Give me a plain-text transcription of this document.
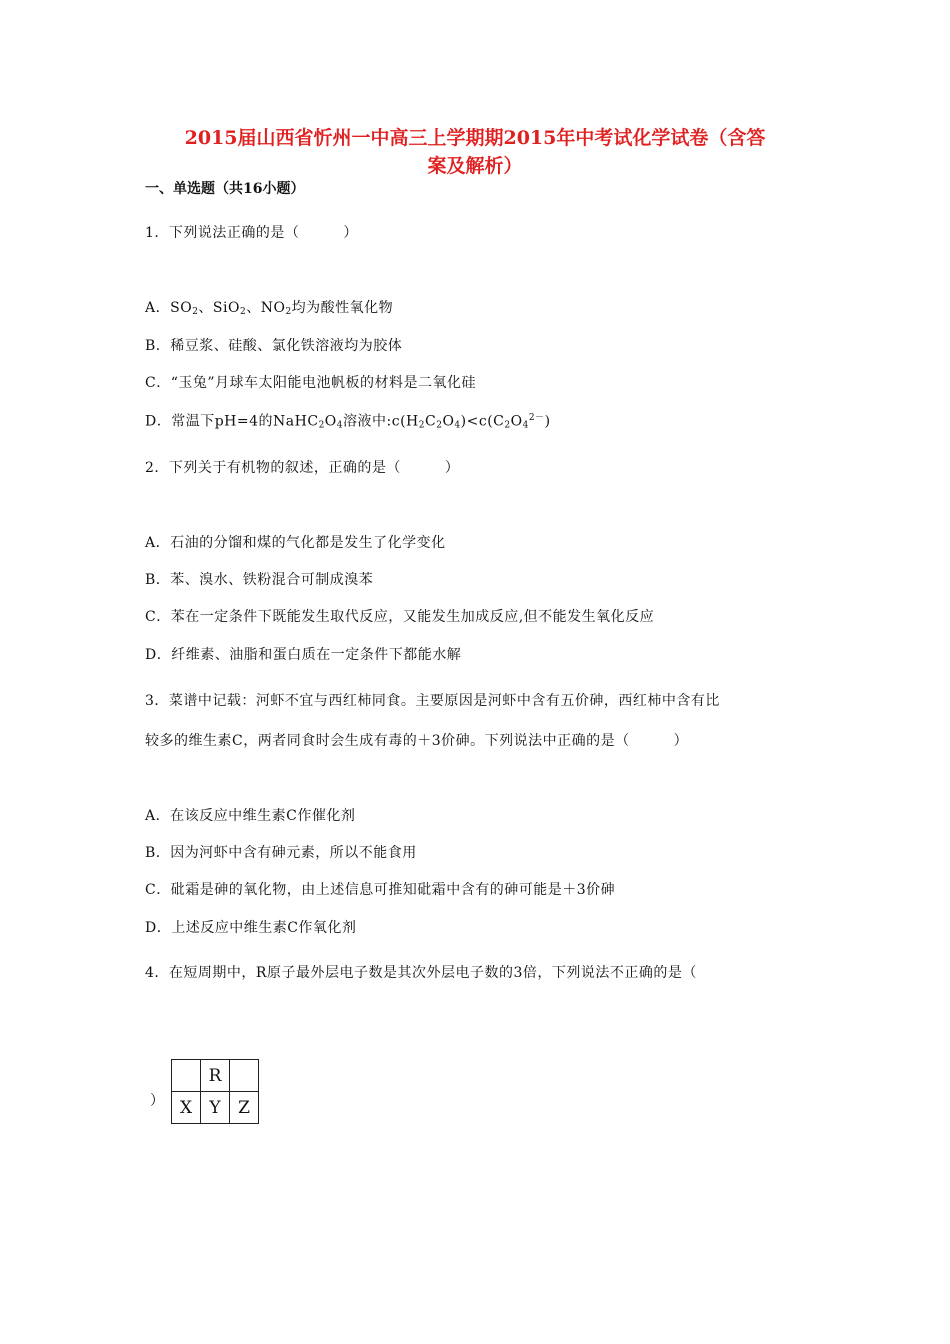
2015届山西省忻州一中高三上学期期2015年中考试化学试卷（含答
案及解析）
一、单选题（共16小题）
1．下列说法正确的是（	）
A．$SO_2$、SiO$_2$、$NO_2$均为酸性氧化物
B．稀豆浆、硅酸、氯化铁溶液均为胶体
C．“玉兔”月球车太阳能电池帆板的材料是二氧化硅
D．常温下pH=4的$NaHC_2O_4$溶液中$:c(H_2C_2O_4)<c(C_2O_4^{2-})$
2．下列关于有机物的叙述，正确的是（	）
A．石油的分馏和煤的气化都是发生了化学变化
B．苯、溴水、铁粉混合可制成溴苯
C．苯在一定条件下既能发生取代反应，又能发生加成反应,但不能发生氧化反应
D．纤维素、油脂和蛋白质在一定条件下都能水解
3．菜谱中记载：河虾不宜与西红柿同食。主要原因是河虾中含有五价砷，西红柿中含有比
较多的维生素C，两者同食时会生成有毒的＋3价砷。下列说法中正确的是（	）
A．在该反应中维生素C作催化剂
B．因为河虾中含有砷元素，所以不能食用
C．砒霜是砷的氧化物，由上述信息可推知砒霜中含有的砷可能是＋3价砷
D．上述反应中维生素C作氧化剂
4．在短周期中，R原子最外层电子数是其次外层电子数的3倍，下列说法不正确的是（
）
	R	
X	Y	Z
